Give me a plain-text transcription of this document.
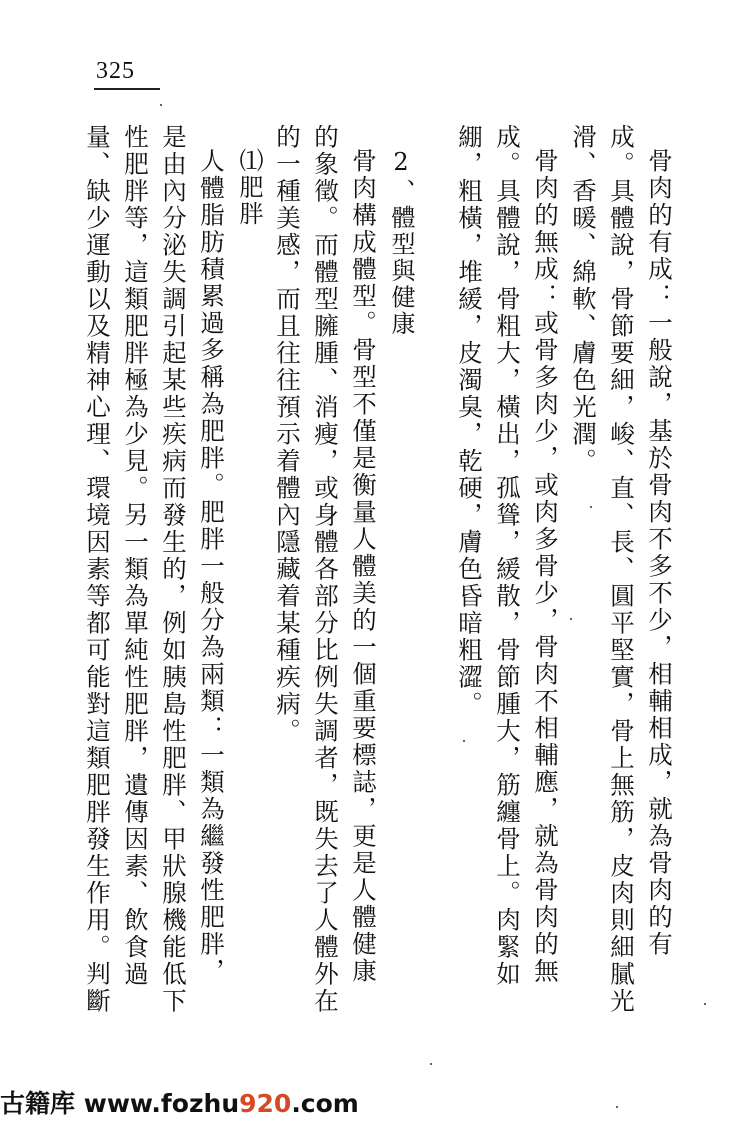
325
骨肉的有成：一般說，基於骨肉不多不少，相輔相成，就為骨肉的有
成。具體說，骨節要細，峻、直、長、圓平堅實，骨上無筋，皮肉則細膩光
滑、香暖、綿軟、膚色光潤。
骨肉的無成：或骨多肉少，或肉多骨少，骨肉不相輔應，就為骨肉的無
成。具體說，骨粗大，橫出，孤聳，緩散，骨節腫大，筋纏骨上。肉緊如
綳，粗橫，堆緩，皮濁臭，乾硬，膚色昏暗粗澀。
2、體型與健康
骨肉構成體型。骨型不僅是衡量人體美的一個重要標誌，更是人體健康
的象徵。而體型臃腫、消瘦，或身體各部分比例失調者，既失去了人體外在
的一種美感，而且往往預示着體內隱藏着某種疾病。
⑴肥胖
人體脂肪積累過多稱為肥胖。肥胖一般分為兩類：一類為繼發性肥胖，
是由內分泌失調引起某些疾病而發生的，例如胰島性肥胖、甲狀腺機能低下
性肥胖等，這類肥胖極為少見。另一類為單純性肥胖，遺傳因素、飲食過
量、缺少運動以及精神心理、環境因素等都可能對這類肥胖發生作用。判斷
古籍库 www.fozhu920.com
